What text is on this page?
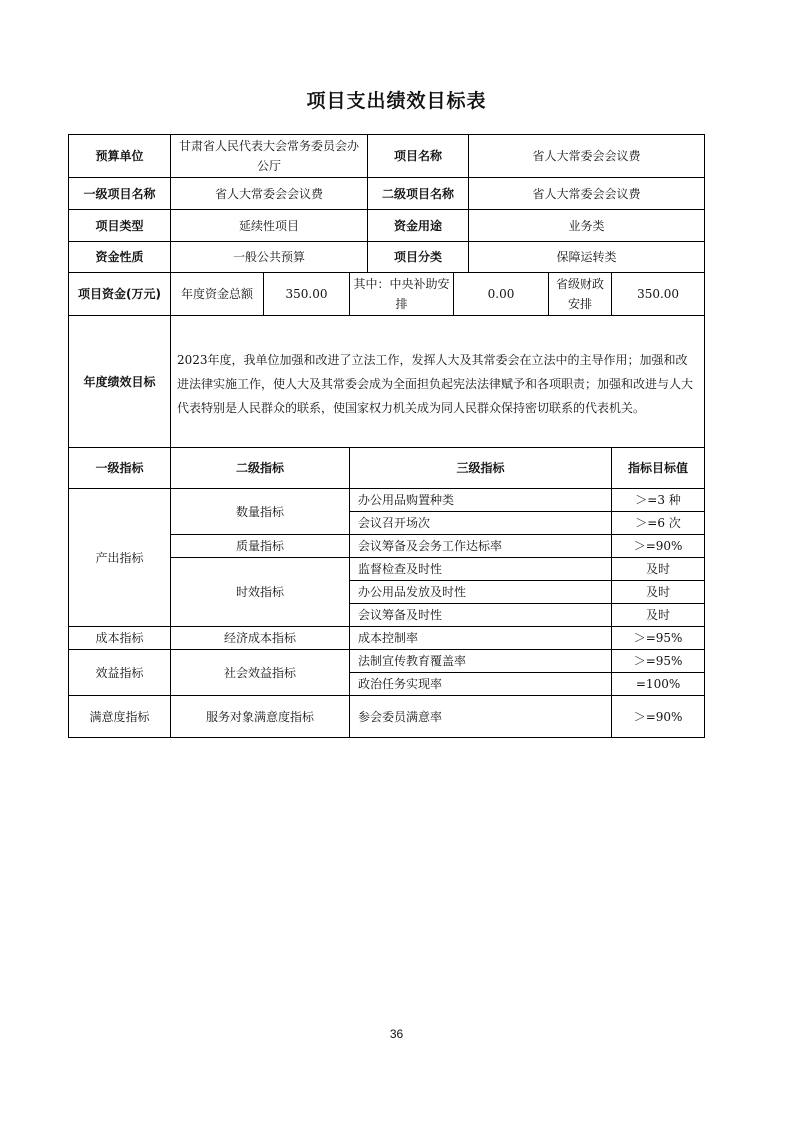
项目支出绩效目标表
预算单位	甘肃省人民代表大会常务委员会办公厅			项目名称		省人大常委会会议费		
一级项目名称	省人大常委会会议费			二级项目名称		省人大常委会会议费		
项目类型	延续性项目			资金用途		业务类		
资金性质	一般公共预算			项目分类		保障运转类		
项目资金(万元)	年度资金总额	350.00	其中：中央补助安排		0.00		省级财政安排	350.00
年度绩效目标	2023年度，我单位加强和改进了立法工作，发挥人大及其常委会在立法中的主导作用；加强和改进法律实施工作，使人大及其常委会成为全面担负起宪法法律赋予和各项职责；加强和改进与人大代表特别是人民群众的联系，使国家权力机关成为同人民群众保持密切联系的代表机关。							
一级指标	二级指标		三级指标					指标目标值
产出指标	数量指标		办公用品购置种类					＞=3 种
			会议召开场次					＞=6 次
	质量指标		会议筹备及会务工作达标率					＞=90%
	时效指标		监督检查及时性					及时
			办公用品发放及时性					及时
			会议筹备及时性					及时
成本指标	经济成本指标		成本控制率					＞=95%
效益指标	社会效益指标		法制宣传教育覆盖率					＞=95%
			政治任务实现率					=100%
满意度指标	服务对象满意度指标		参会委员满意率					＞=90%
36
